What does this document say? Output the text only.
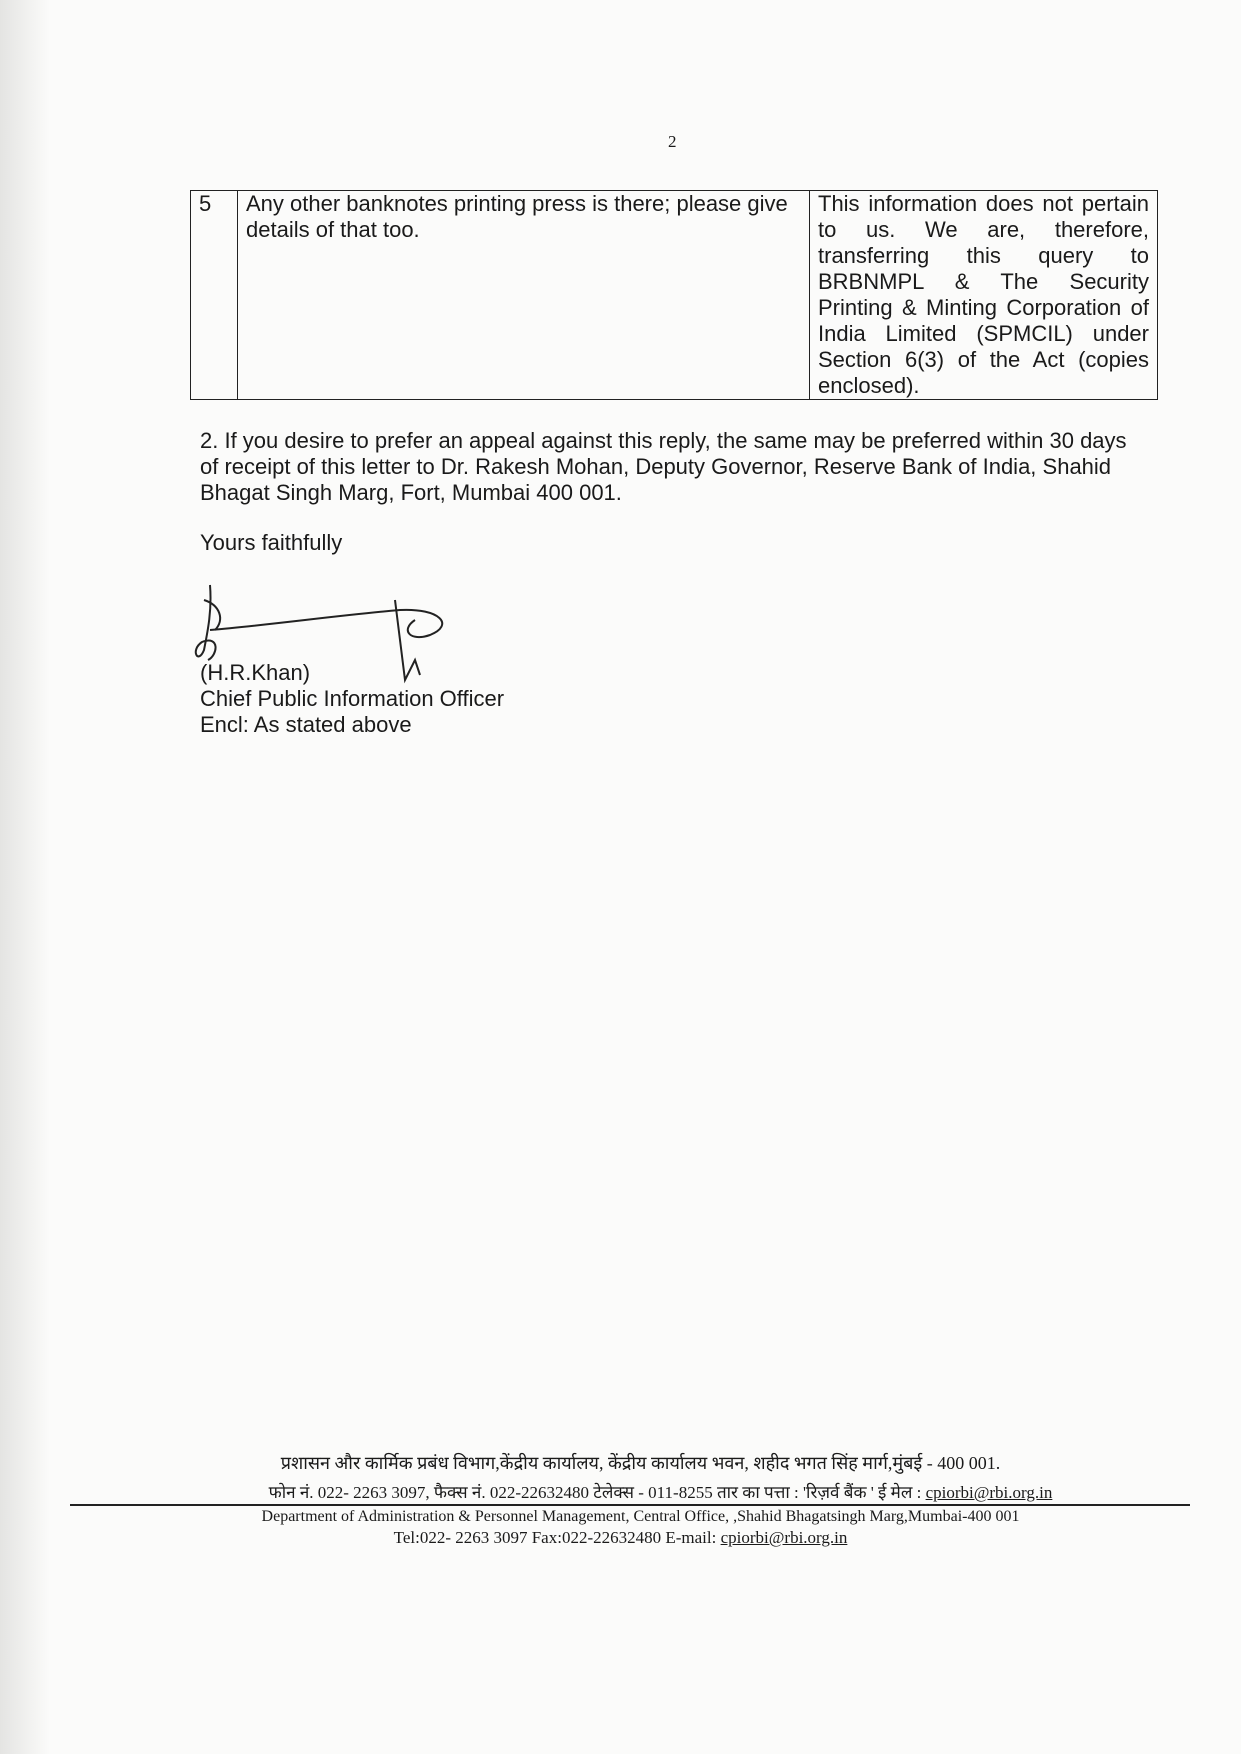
2
5	Any other banknotes printing press is there; please give details of that too.	This information does not pertain to us. We are, therefore, transferring this query to BRBNMPL & The Security Printing & Minting Corporation of India Limited (SPMCIL) under Section 6(3) of the Act (copies enclosed).
2. If you desire to prefer an appeal against this reply, the same may be preferred within 30 days of receipt of this letter to Dr. Rakesh Mohan, Deputy Governor, Reserve Bank of India, Shahid Bhagat Singh Marg, Fort, Mumbai 400 001.
Yours faithfully
(H.R.Khan)
Chief Public Information Officer
Encl: As stated above
प्रशासन और कार्मिक प्रबंध विभाग,केंद्रीय कार्यालय, केंद्रीय कार्यालय भवन, शहीद भगत सिंह मार्ग,मुंबई - 400 001.
फोन नं. 022- 2263 3097, फैक्स नं. 022-22632480 टेलेक्स - 011-8255 तार का पत्ता : 'रिज़र्व बैंक ' ई मेल : cpiorbi@rbi.org.in
Department of Administration & Personnel Management, Central Office, ,Shahid Bhagatsingh Marg,Mumbai-400 001
Tel:022- 2263 3097 Fax:022-22632480 E-mail: cpiorbi@rbi.org.in
